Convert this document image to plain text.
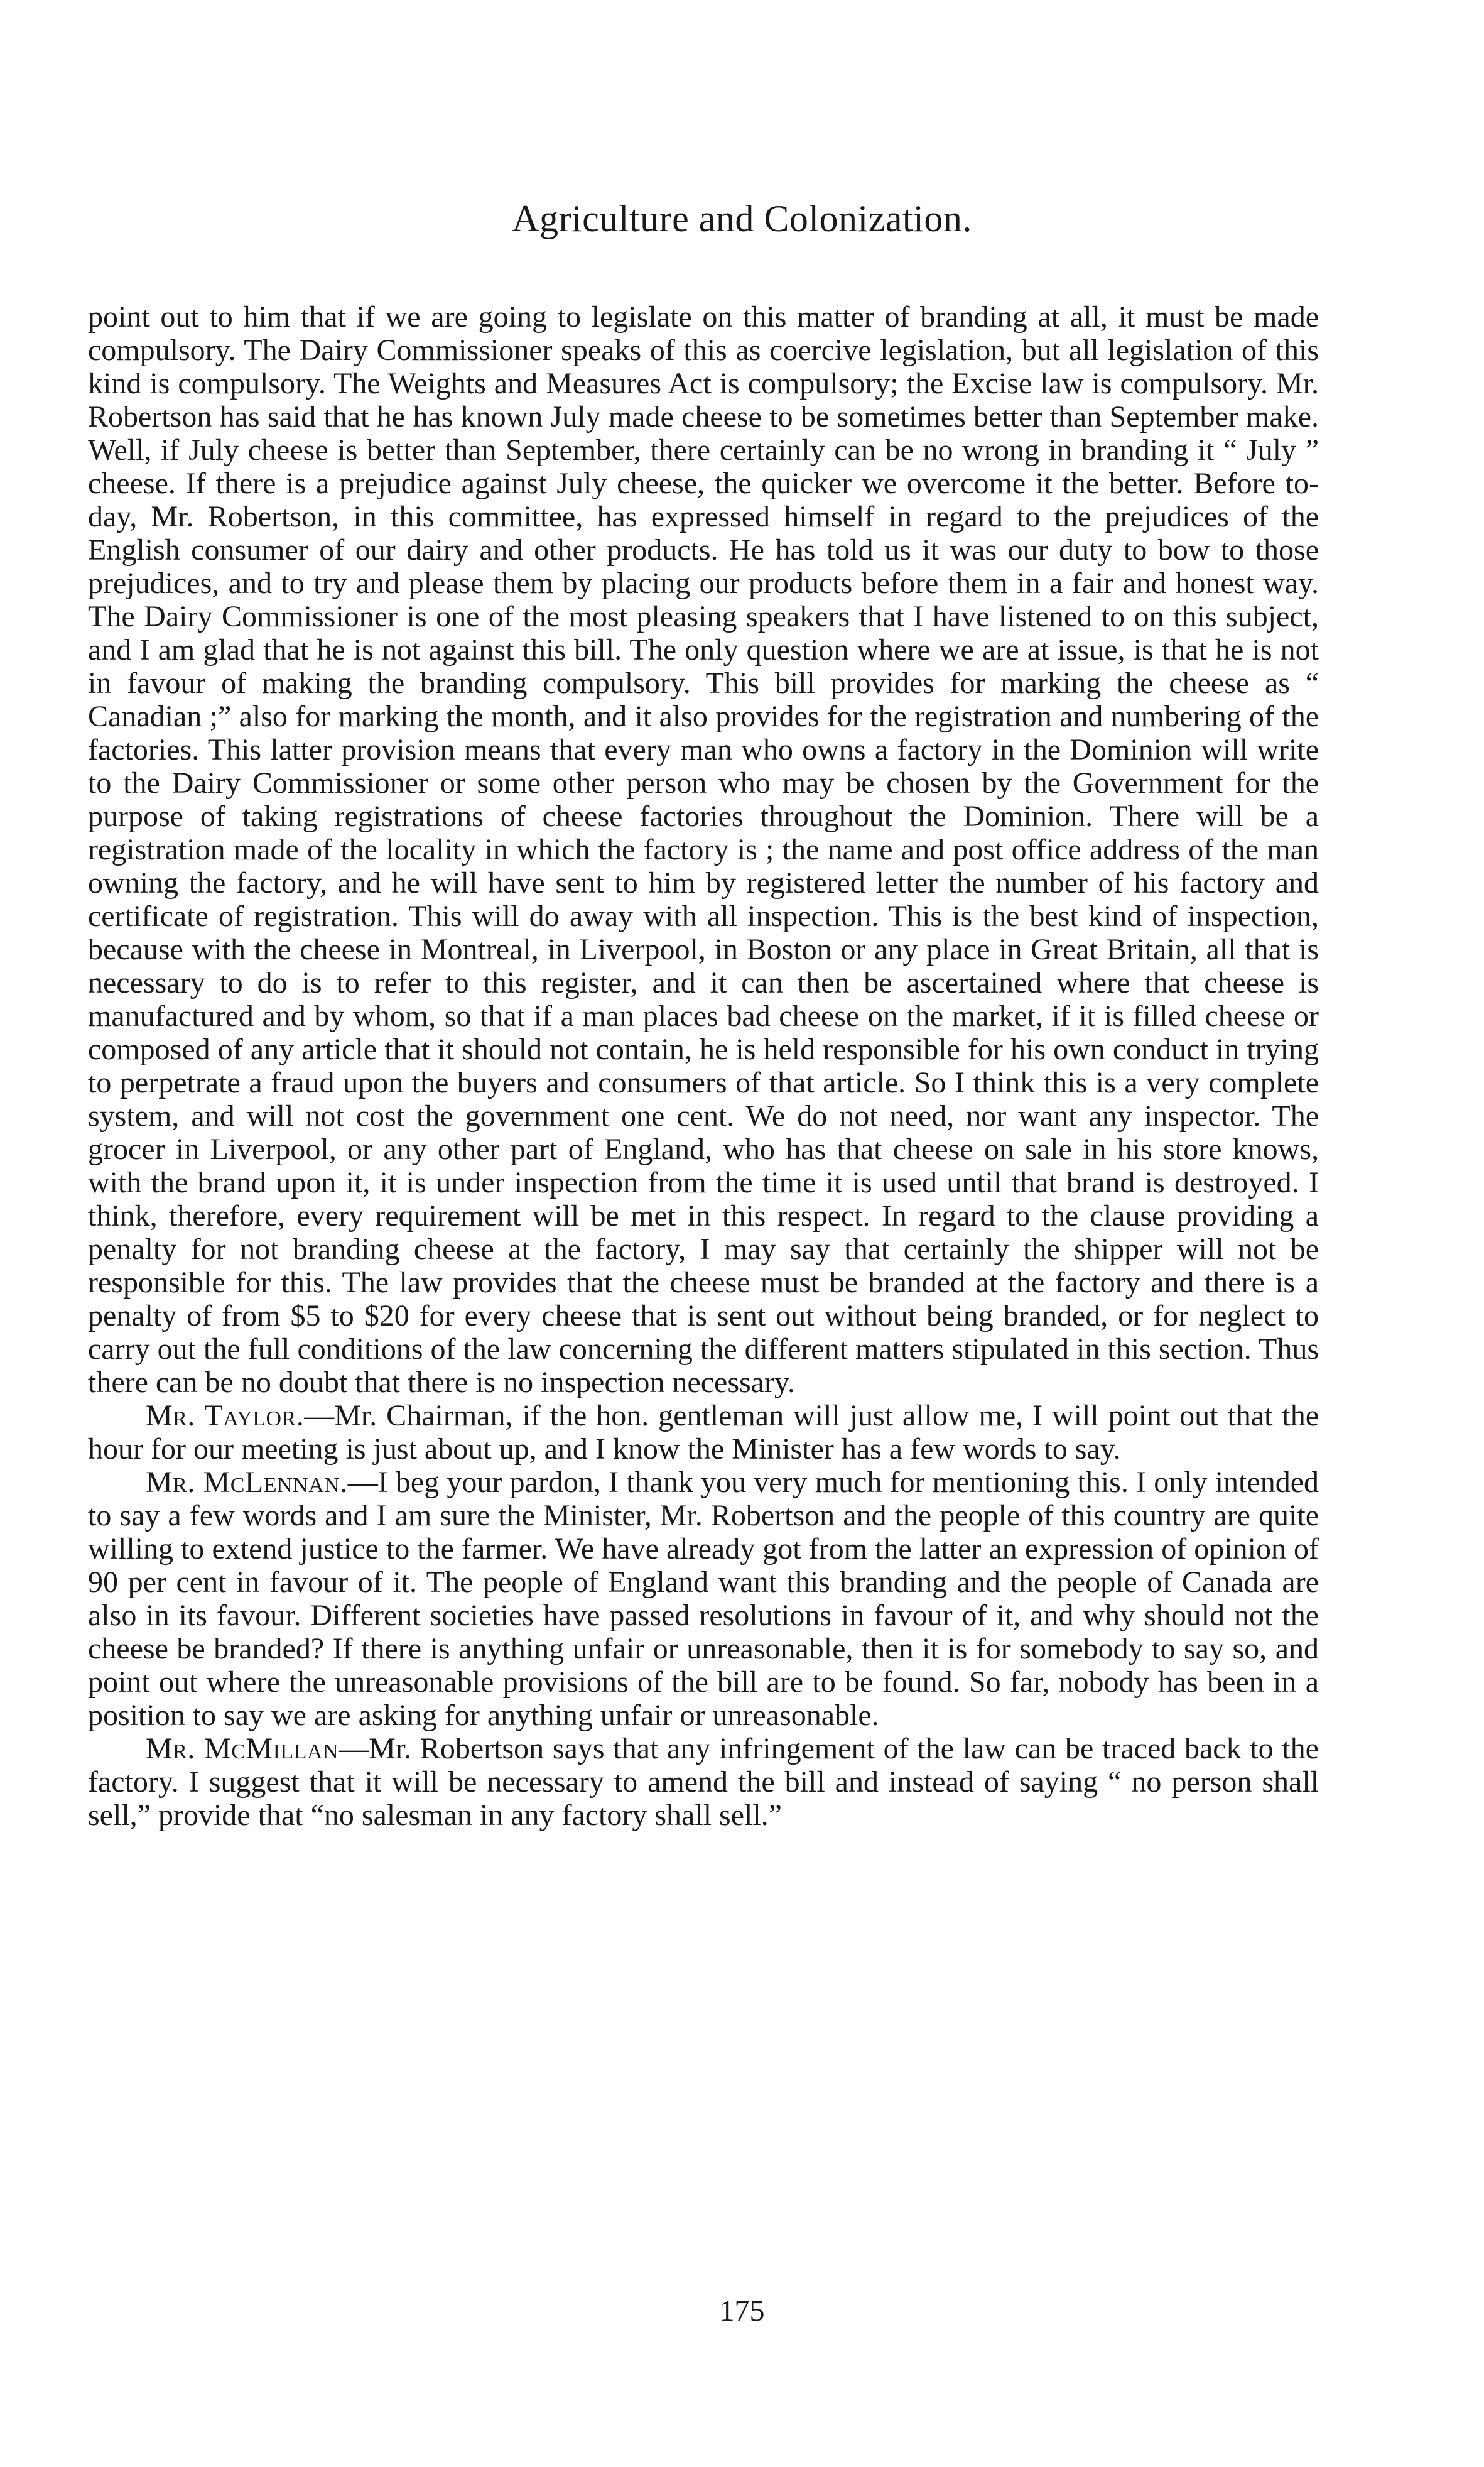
Agriculture and Colonization.

point out to him that if we are going to legislate on this matter of branding at all, it must be made compulsory. The Dairy Commissioner speaks of this as coercive legislation, but all legislation of this kind is compulsory. The Weights and Measures Act is compulsory; the Excise law is compulsory. Mr. Robertson has said that he has known July made cheese to be sometimes better than September make. Well, if July cheese is better than September, there certainly can be no wrong in branding it “ July ” cheese. If there is a prejudice against July cheese, the quicker we overcome it the better. Before to-day, Mr. Robertson, in this committee, has expressed himself in regard to the prejudices of the English consumer of our dairy and other products. He has told us it was our duty to bow to those prejudices, and to try and please them by placing our products before them in a fair and honest way. The Dairy Commissioner is one of the most pleasing speakers that I have listened to on this subject, and I am glad that he is not against this bill. The only question where we are at issue, is that he is not in favour of making the branding compulsory. This bill provides for marking the cheese as “ Canadian ;” also for marking the month, and it also provides for the registration and numbering of the factories. This latter provision means that every man who owns a factory in the Dominion will write to the Dairy Commissioner or some other person who may be chosen by the Government for the purpose of taking registrations of cheese factories throughout the Dominion. There will be a registration made of the locality in which the factory is ; the name and post office address of the man owning the factory, and he will have sent to him by registered letter the number of his factory and certificate of registration. This will do away with all inspection. This is the best kind of inspection, because with the cheese in Montreal, in Liverpool, in Boston or any place in Great Britain, all that is necessary to do is to refer to this register, and it can then be ascertained where that cheese is manufactured and by whom, so that if a man places bad cheese on the market, if it is filled cheese or composed of any article that it should not contain, he is held responsible for his own conduct in trying to perpetrate a fraud upon the buyers and consumers of that article. So I think this is a very complete system, and will not cost the government one cent. We do not need, nor want any inspector. The grocer in Liverpool, or any other part of England, who has that cheese on sale in his store knows, with the brand upon it, it is under inspection from the time it is used until that brand is destroyed. I think, therefore, every requirement will be met in this respect. In regard to the clause providing a penalty for not branding cheese at the factory, I may say that certainly the shipper will not be responsible for this. The law provides that the cheese must be branded at the factory and there is a penalty of from $5 to $20 for every cheese that is sent out without being branded, or for neglect to carry out the full conditions of the law concerning the different matters stipulated in this section. Thus there can be no doubt that there is no inspection necessary.

Mr. Taylor.—Mr. Chairman, if the hon. gentleman will just allow me, I will point out that the hour for our meeting is just about up, and I know the Minister has a few words to say.

Mr. McLennan.—I beg your pardon, I thank you very much for mentioning this. I only intended to say a few words and I am sure the Minister, Mr. Robertson and the people of this country are quite willing to extend justice to the farmer. We have already got from the latter an expression of opinion of 90 per cent in favour of it. The people of England want this branding and the people of Canada are also in its favour. Different societies have passed resolutions in favour of it, and why should not the cheese be branded? If there is anything unfair or unreasonable, then it is for somebody to say so, and point out where the unreasonable provisions of the bill are to be found. So far, nobody has been in a position to say we are asking for anything unfair or unreasonable.

Mr. McMillan—Mr. Robertson says that any infringement of the law can be traced back to the factory. I suggest that it will be necessary to amend the bill and instead of saying “ no person shall sell,” provide that “no salesman in any factory shall sell.”

175
